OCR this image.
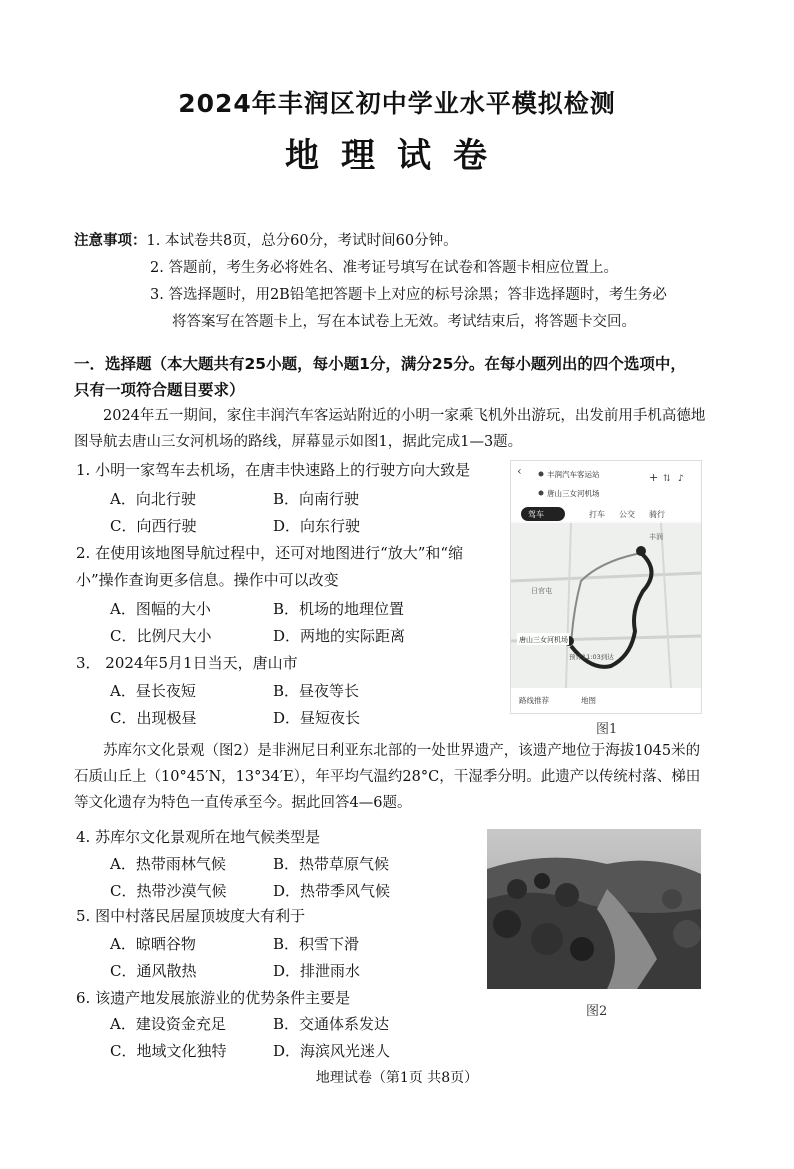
2024年丰润区初中学业水平模拟检测
地理试卷
注意事项：1. 本试卷共8页，总分60分，考试时间60分钟。
2. 答题前，考生务必将姓名、准考证号填写在试卷和答题卡相应位置上。
3. 答选择题时，用2B铅笔把答题卡上对应的标号涂黑；答非选择题时，考生务必
将答案写在答题卡上，写在本试卷上无效。考试结束后，将答题卡交回。
一．选择题（本大题共有25小题，每小题1分，满分25分。在每小题列出的四个选项中，
只有一项符合题目要求）
2024年五一期间，家住丰润汽车客运站附近的小明一家乘飞机外出游玩，出发前用手机高德地图导航去唐山三女河机场的路线，屏幕显示如图1，据此完成1—3题。
1. 小明一家驾车去机场，在唐丰快速路上的行驶方向大致是
A．向北行驶	B．向南行驶
C．向西行驶	D．向东行驶
2. 在使用该地图导航过程中，还可对地图进行“放大”和“缩
小”操作查询更多信息。操作中可以改变
A．图幅的大小	B．机场的地理位置
C．比例尺大小	D．两地的实际距离
3． 2024年5月1日当天，唐山市
A．昼长夜短	B．昼夜等长
C．出现极昼	D．昼短夜长
‹	丰润汽车客运站
唐山三女河机场
+ ⇅ ♪
驾车	打车 公交 骑行
唐山三女河机场
日官屯
丰润
预计11:03到达
路线推荐	地图
图1
苏库尔文化景观（图2）是非洲尼日利亚东北部的一处世界遗产，该遗产地位于海拔1045米的石质山丘上（10°45′N，13°34′E），年平均气温约28°C，干湿季分明。此遗产以传统村落、梯田等文化遗存为特色一直传承至今。据此回答4—6题。
4. 苏库尔文化景观所在地气候类型是
A．热带雨林气候	B．热带草原气候
C．热带沙漠气候	D．热带季风气候
5. 图中村落民居屋顶坡度大有利于
A．晾晒谷物	B．积雪下滑
C．通风散热	D．排泄雨水
6. 该遗产地发展旅游业的优势条件主要是
A．建设资金充足	B．交通体系发达
C．地域文化独特	D．海滨风光迷人
图2
地理试卷（第1页 共8页）
